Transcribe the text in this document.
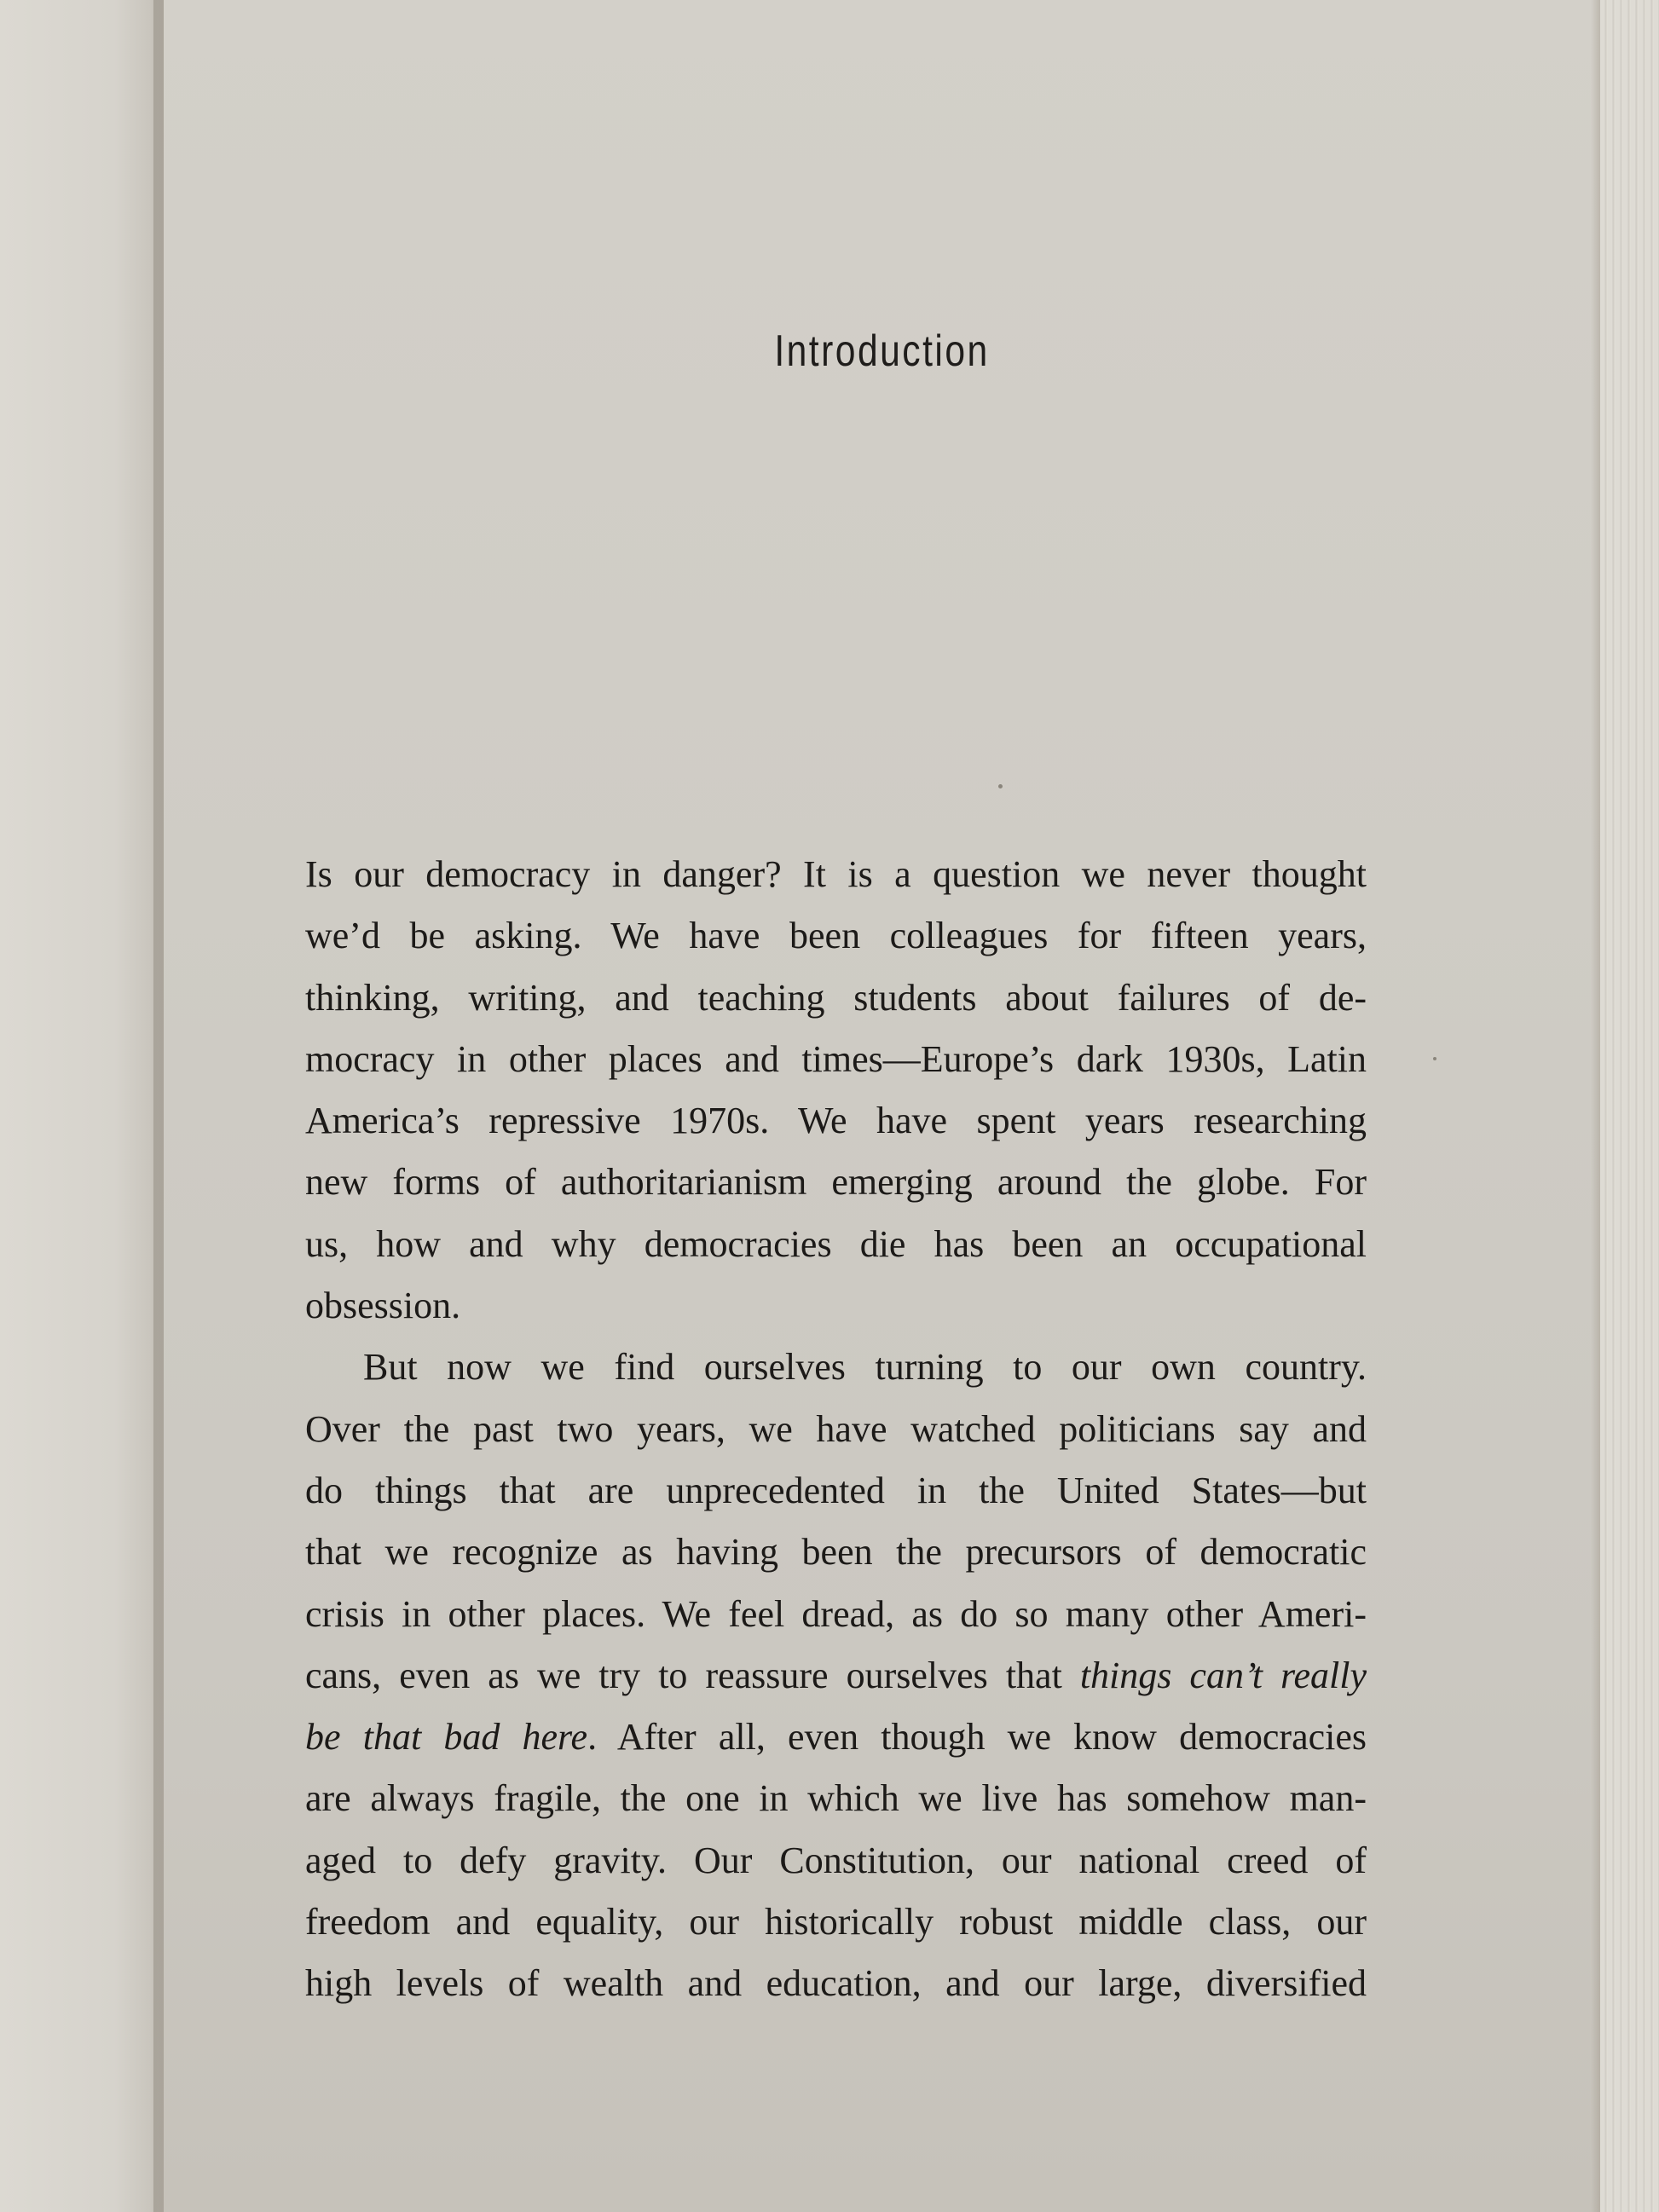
Introduction
Is our democracy in danger? It is a question we never thought
we’d be asking. We have been colleagues for fifteen years,
thinking, writing, and teaching students about failures of de-
mocracy in other places and times—Europe’s dark 1930s, Latin
America’s repressive 1970s. We have spent years researching
new forms of authoritarianism emerging around the globe. For
us, how and why democracies die has been an occupational
obsession.
But now we find ourselves turning to our own country.
Over the past two years, we have watched politicians say and
do things that are unprecedented in the United States—but
that we recognize as having been the precursors of democratic
crisis in other places. We feel dread, as do so many other Ameri-
cans, even as we try to reassure ourselves that things can’t really
be that bad here. After all, even though we know democracies
are always fragile, the one in which we live has somehow man-
aged to defy gravity. Our Constitution, our national creed of
freedom and equality, our historically robust middle class, our
high levels of wealth and education, and our large, diversified
